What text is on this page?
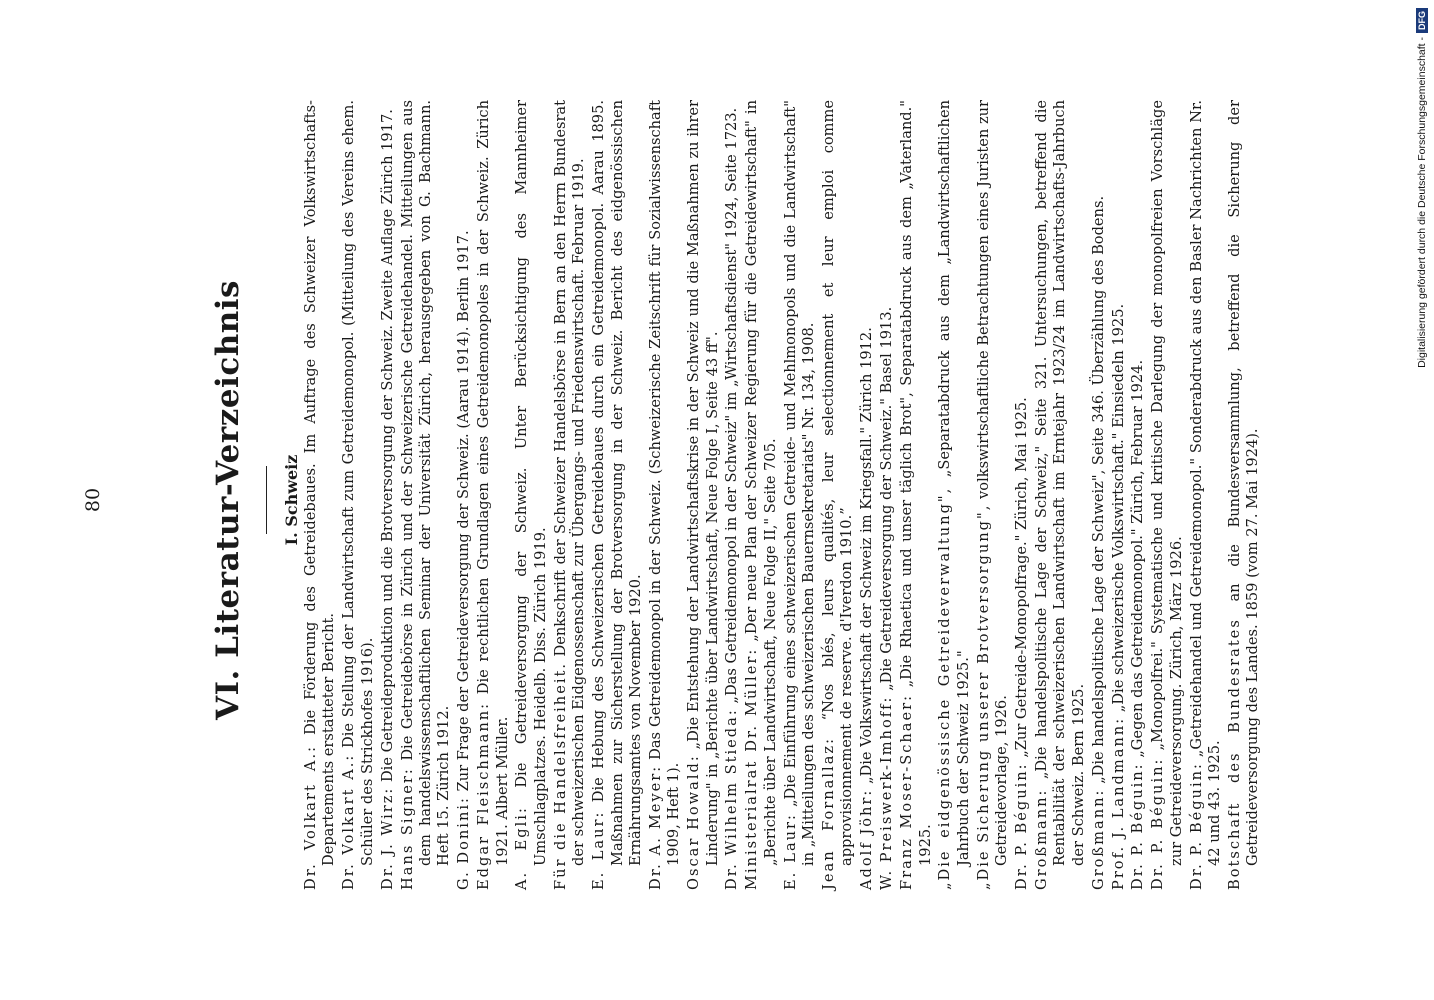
80	VI. Literatur-Verzeichnis I. Schweiz

Dr. Volkart A.: Die Förderung des Getreidebaues. Im Auftrage des Schweizer Volkswirtschafts-Departements erstatteter Bericht. Dr. Volkart A.: Die Stellung der Landwirtschaft zum Getreidemonopol. (Mitteilung des Vereins ehem. Schüler des Strickhofes 1916). Dr. J. Wirz: Die Getreideproduktion und die Brotversorgung der Schweiz. Zweite Auflage Zürich 1917.

Hans Signer: Die Getreidebörse in Zürich und der Schweizerische Getreidehandel. Mitteilungen aus dem handelswissenschaftlichen Seminar der Universität Zürich, herausgegeben von G. Bachmann. Heft 15. Zürich 1912. G. Donini: Zur Frage der Getreideversorgung der Schweiz. (Aarau 1914). Berlin 1917.

Edgar Fleischmann: Die rechtlichen Grundlagen eines Getreidemonopoles in der Schweiz. Zürich 1921. Albert Müller. A. Egli: Die Getreideversorgung der Schweiz. Unter Berücksichtigung des Mannheimer Umschlagplatzes. Heidelb. Diss. Zürich 1919. Für die Handelsfreiheit. Denkschrift der Schweizer Handelsbörse in Bern an den Herrn Bundesrat der schweizerischen Eidgenossenschaft zur Übergangs- und Friedenswirtschaft. Februar 1919. E. Laur: Die Hebung des Schweizerischen Getreidebaues durch ein Getreidemonopol. Aarau 1895. Maßnahmen zur Sicherstellung der Brotversorgung in der Schweiz. Bericht des eidgenössischen Ernährungsamtes von November 1920. Dr. A. Meyer: Das Getreidemonopol in der Schweiz. (Schweizerische Zeitschrift für Sozialwissenschaft 1909, Heft 1). Oscar Howald: „Die Entstehung der Landwirtschaftskrise in der Schweiz und die Maßnahmen zu ihrer Linderung" in „Berichte über Landwirtschaft, Neue Folge I, Seite 43 ff". Dr. Wilhelm Stieda: „Das Getreidemonopol in der Schweiz" im „Wirtschaftsdienst" 1924, Seite 1723.

Ministerialrat Dr. Müller: „Der neue Plan der Schweizer Regierung für die Getreidewirtschaft" in „Berichte über Landwirtschaft, Neue Folge II," Seite 705. E. Laur: „Die Einführung eines schweizerischen Getreide- und Mehlmonopols und die Landwirtschaft" in „Mitteilungen des schweizerischen Bauernsekretariats" Nr. 134, 1908. Jean Fornallaz: “Nos blés, leurs qualités, leur selectionnement et leur emploi comme approvisionnement de reserve. d'Iverdon 1910.” Adolf Jöhr: „Die Volkswirtschaft der Schweiz im Kriegsfall." Zürich 1912.

W. Preiswerk-Imhoff: „Die Getreideversorgung der Schweiz." Basel 1913.

Franz Moser-Schaer: „Die Rhaetica und unser täglich Brot", Separatabdruck aus dem „Vaterland." 1925. „Die eidgenössische Getreideverwaltung", „Separatabdruck aus dem „Landwirtschaftlichen Jahrbuch der Schweiz 1925." „Die Sicherung unserer Brotversorgung", volkswirtschaftliche Betrachtungen eines Juristen zur Getreidevorlage, 1926. Dr. P. Béguin: „Zur Getreide-Monopolfrage." Zürich, Mai 1925.

Großmann: „Die handelspolitische Lage der Schweiz," Seite 321. Untersuchungen, betreffend die Rentabilität der schweizerischen Landwirtschaft im Erntejahr 1923/24 im Landwirtschafts-Jahrbuch der Schweiz. Bern 1925. Großmann: „Die handelspolitische Lage der Schweiz", Seite 346. Überzählung des Bodens.

Prof. J. Landmann: „Die schweizerische Volkswirtschaft." Einsiedeln 1925.

Dr. P. Béguin: „Gegen das Getreidemonopol." Zürich, Februar 1924.

Dr. P. Béguin: „Monopolfrei." Systematische und kritische Darlegung der monopolfreien Vorschläge zur Getreideversorgung. Zürich, März 1926. Dr. P. Béguin: „Getreidehandel und Getreidemonopol." Sonderabdruck aus den Basler Nachrichten Nr. 42 und 43. 1925. Botschaft des Bundesrates an die Bundesversammlung, betreffend die Sicherung der Getreideversorgung des Landes. 1859 (vom 27. Mai 1924).

Digitalisierung gefördert durch die Deutsche Forschungsgemeinschaft -
DFG
